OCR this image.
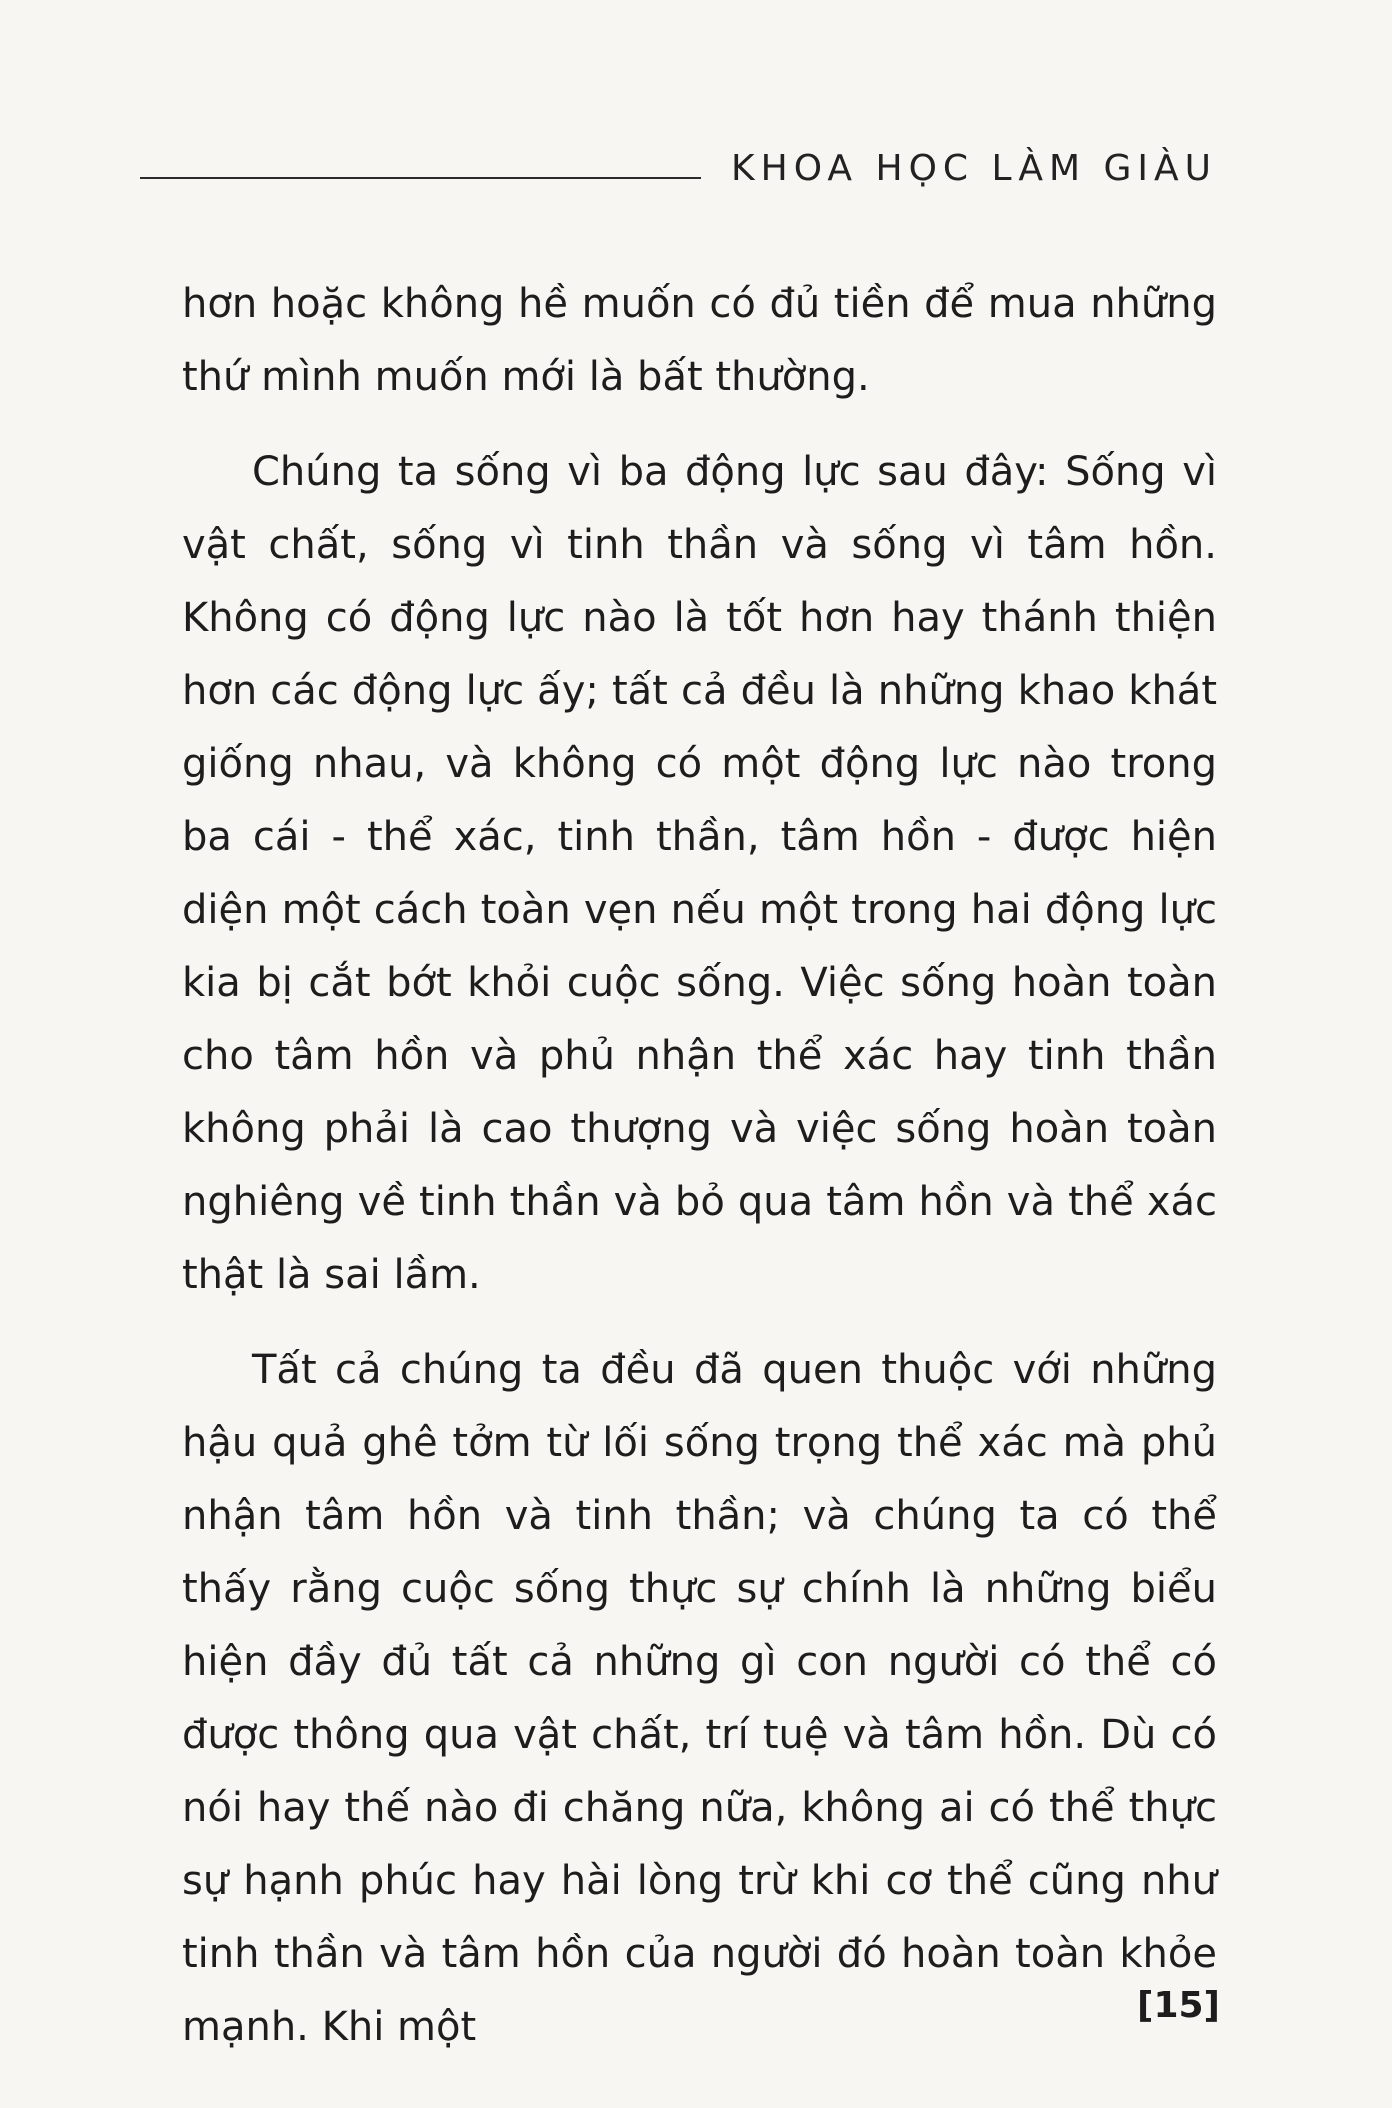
KHOA HỌC LÀM GIÀU

hơn hoặc không hề muốn có đủ tiền để mua những thứ mình muốn mới là bất thường.

Chúng ta sống vì ba động lực sau đây: Sống vì vật chất, sống vì tinh thần và sống vì tâm hồn. Không có động lực nào là tốt hơn hay thánh thiện hơn các động lực ấy; tất cả đều là những khao khát giống nhau, và không có một động lực nào trong ba cái - thể xác, tinh thần, tâm hồn - được hiện diện một cách toàn vẹn nếu một trong hai động lực kia bị cắt bớt khỏi cuộc sống. Việc sống hoàn toàn cho tâm hồn và phủ nhận thể xác hay tinh thần không phải là cao thượng và việc sống hoàn toàn nghiêng về tinh thần và bỏ qua tâm hồn và thể xác thật là sai lầm.

Tất cả chúng ta đều đã quen thuộc với những hậu quả ghê tởm từ lối sống trọng thể xác mà phủ nhận tâm hồn và tinh thần; và chúng ta có thể thấy rằng cuộc sống thực sự chính là những biểu hiện đầy đủ tất cả những gì con người có thể có được thông qua vật chất, trí tuệ và tâm hồn. Dù có nói hay thế nào đi chăng nữa, không ai có thể thực sự hạnh phúc hay hài lòng trừ khi cơ thể cũng như tinh thần và tâm hồn của người đó hoàn toàn khỏe mạnh. Khi một	[15]
